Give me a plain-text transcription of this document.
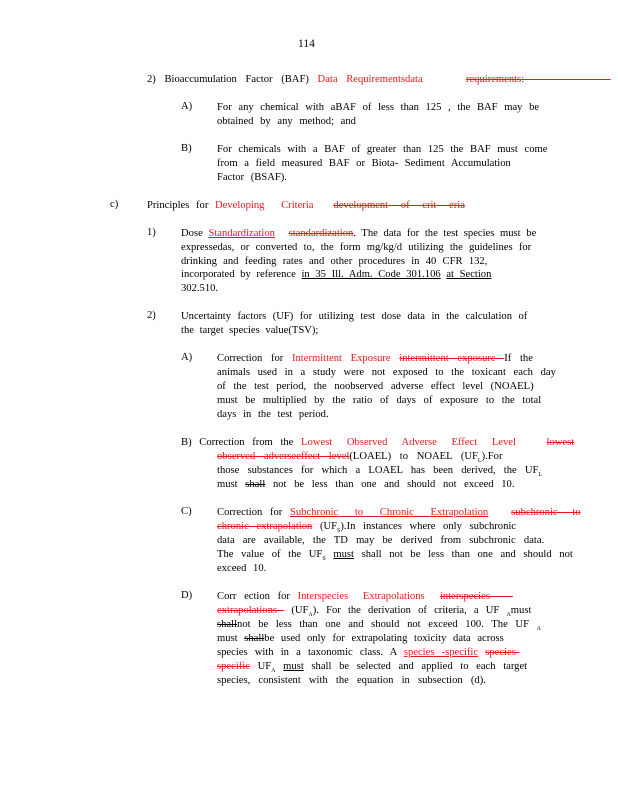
114
2) Bioaccumulation Factor (BAF) Data Requirementsdata	requirements:
A) For any chemical with aBAF of less than 125 , the BAF may be
obtained by any method; and
B) For chemicals with a BAF of greater than 125 the BAF must come
from a field measured BAF or Biota- Sediment Accumulation
Factor (BSAF).
c)	Principles for Developing Criteria development of crit eria
1) Dose Standardization standardization. The data for the test species must be
expressedas, or converted to, the form mg/kg/d utilizing the guidelines for
drinking and feeding rates and other procedures in 40 CFR 132,
incorporated by reference in 35 Ill. Adm. Code 301.106 at Section
302.510.
2) Uncertainty factors (UF) for utilizing test dose data in the calculation of
the target species value(TSV);
A) Correction for Intermittent Exposure intermittent exposure If the
animals used in a study were not exposed to the toxicant each day
of the test period, the noobserved adverse effect level (NOAEL)
must be multiplied by the ratio of days of exposure to the total
days in the test period.
B) Correction from the Lowest Observed Adverse Effect Level	lowest
observed adverseeffect level(LOAEL) to NOAEL $(UF_L).For$
those substances for which a LOAEL has been derived, the $UF_L$
must shall not be less than one and should not exceed 10.
C) Correction for Subchronic to Chronic Extrapolation subchronic to
chronic extrapolation $(UF_S).In$ instances where only subchronic
data are available, the TD may be derived from subchronic data.
The value of the $UF_S$ must shall not be less than one and should not
exceed 10.
D) Corr ection for Interspecies Extrapolations interspecies
extrapolations $(UF_A)$. For the derivation of criteria, a UF $_A$must
shallnot be less than one and should not exceed 100. The UF $_A$
must shallbe used only for extrapolating toxicity data across
species with in a taxonomic class. A species -specific species-
specific $UF_A$ must shall be selected and applied to each target
species, consistent with the equation in subsection (d).
